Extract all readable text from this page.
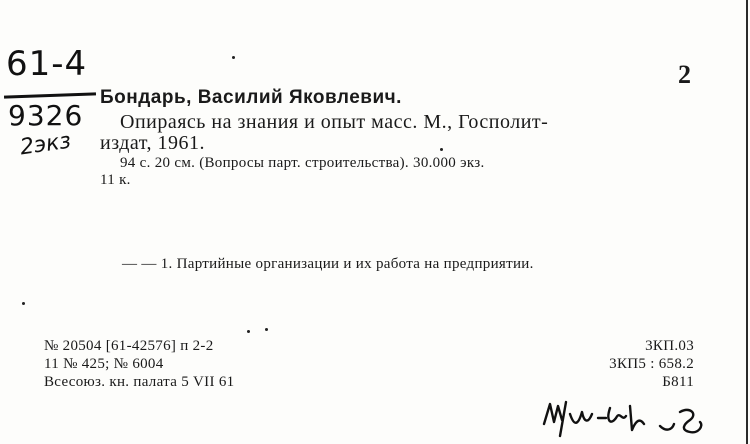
61-4
9326
2экз
2
Бондарь, Василий Яковлевич.
Опираясь на знания и опыт масс. М., Госполит-
издат, 1961.
94 с. 20 см. (Вопросы парт. строительства). 30.000 экз.
11 к.
— — 1. Партийные организации и их работа на предприятии.
№ 20504 [61-42576] п 2-2
11 № 425; № 6004
Всесоюз. кн. палата 5 VII 61
3КП.03
3КП5 : 658.2
Б811
